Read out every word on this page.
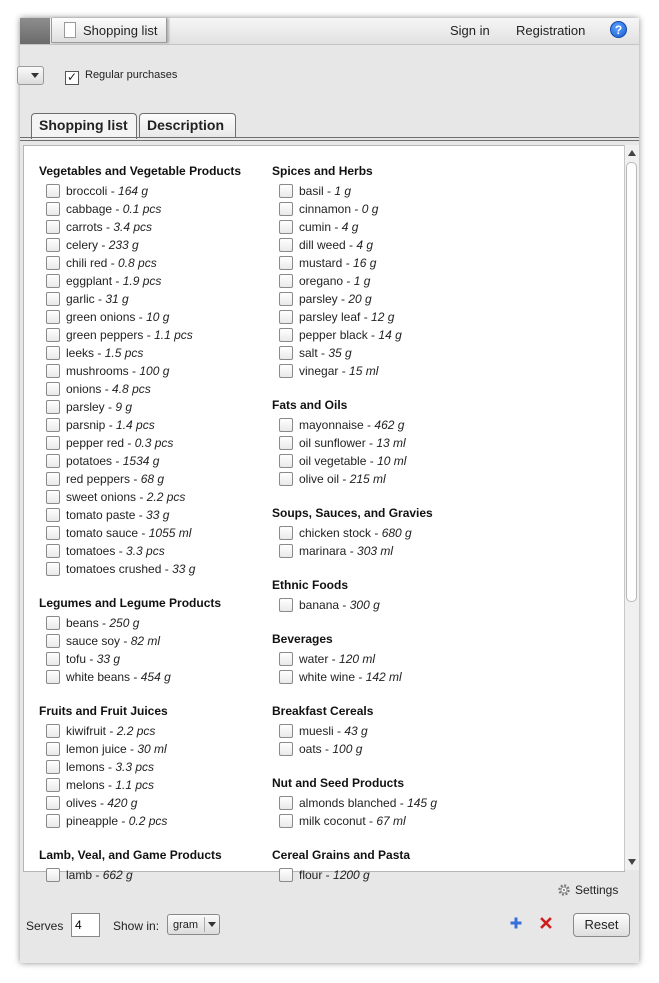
Shopping list	Sign in Registration	?
✓ Regular purchases
Shopping list	Description
Vegetables and Vegetable Products
broccoli - 164 g
cabbage - 0.1 pcs
carrots - 3.4 pcs
celery - 233 g
chili red - 0.8 pcs
eggplant - 1.9 pcs
garlic - 31 g
green onions - 10 g
green peppers - 1.1 pcs
leeks - 1.5 pcs
mushrooms - 100 g
onions - 4.8 pcs
parsley - 9 g
parsnip - 1.4 pcs
pepper red - 0.3 pcs
potatoes - 1534 g
red peppers - 68 g
sweet onions - 2.2 pcs
tomato paste - 33 g
tomato sauce - 1055 ml
tomatoes - 3.3 pcs
tomatoes crushed - 33 g
Legumes and Legume Products
beans - 250 g
sauce soy - 82 ml
tofu - 33 g
white beans - 454 g
Fruits and Fruit Juices
kiwifruit - 2.2 pcs
lemon juice - 30 ml
lemons - 3.3 pcs
melons - 1.1 pcs
olives - 420 g
pineapple - 0.2 pcs
Lamb, Veal, and Game Products
lamb - 662 g
Spices and Herbs
basil - 1 g
cinnamon - 0 g
cumin - 4 g
dill weed - 4 g
mustard - 16 g
oregano - 1 g
parsley - 20 g
parsley leaf - 12 g
pepper black - 14 g
salt - 35 g
vinegar - 15 ml
Fats and Oils
mayonnaise - 462 g
oil sunflower - 13 ml
oil vegetable - 10 ml
olive oil - 215 ml
Soups, Sauces, and Gravies
chicken stock - 680 g
marinara - 303 ml
Ethnic Foods
banana - 300 g
Beverages
water - 120 ml
white wine - 142 ml
Breakfast Cereals
muesli - 43 g
oats - 100 g
Nut and Seed Products
almonds blanched - 145 g
milk coconut - 67 ml
Cereal Grains and Pasta
flour - 1200 g
Settings
Serves
4	Show in: gram	Reset
